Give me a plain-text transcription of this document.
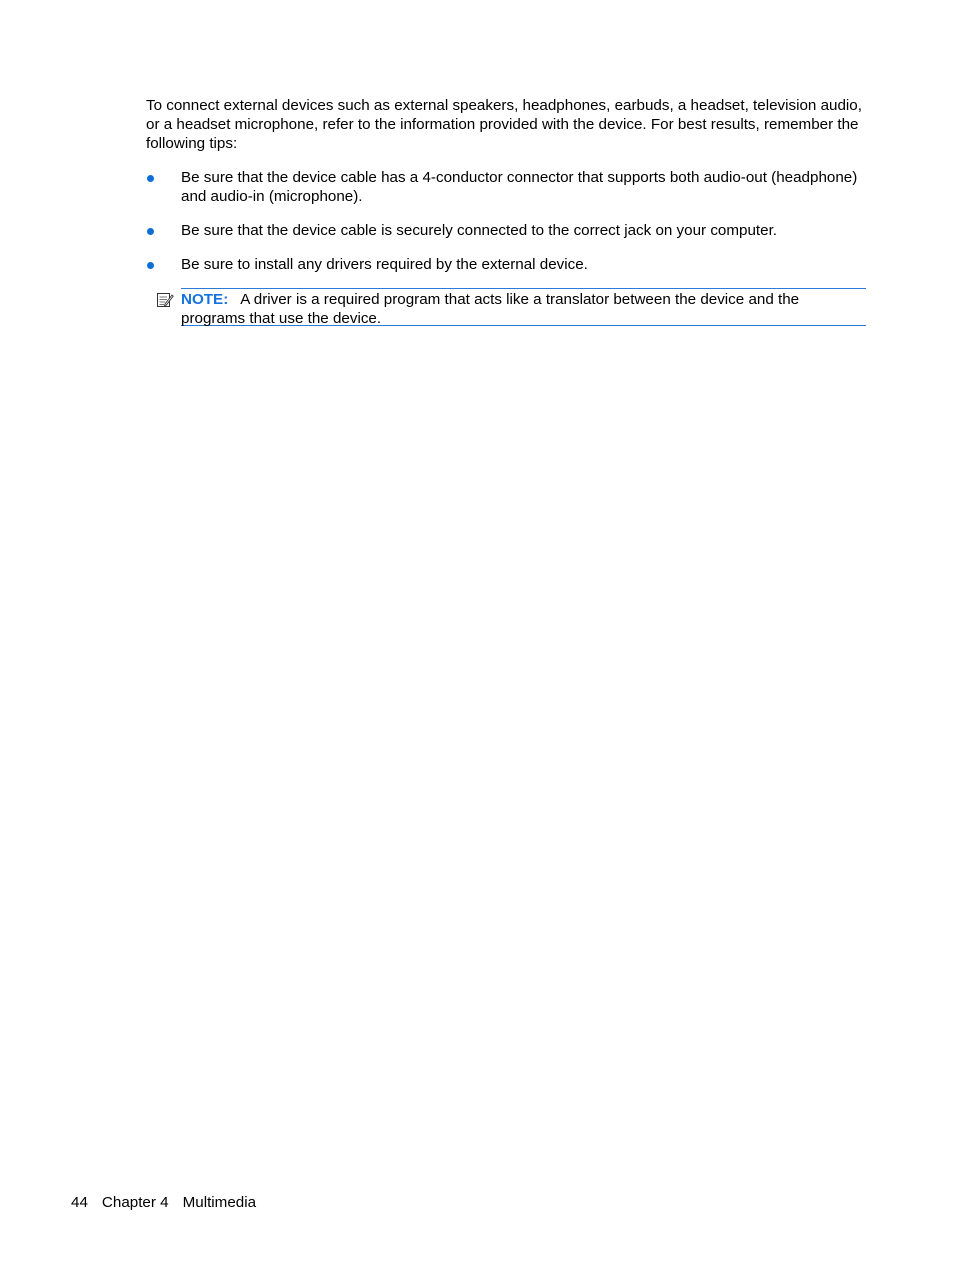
To connect external devices such as external speakers, headphones, earbuds, a headset, television audio, or a headset microphone, refer to the information provided with the device. For best results, remember the following tips:

Be sure that the device cable has a 4-conductor connector that supports both audio-out (headphone) and audio-in (microphone).
Be sure that the device cable is securely connected to the correct jack on your computer.
Be sure to install any drivers required by the external device.
NOTE: A driver is a required program that acts like a translator between the device and the programs that use the device.
44 Chapter 4 Multimedia
